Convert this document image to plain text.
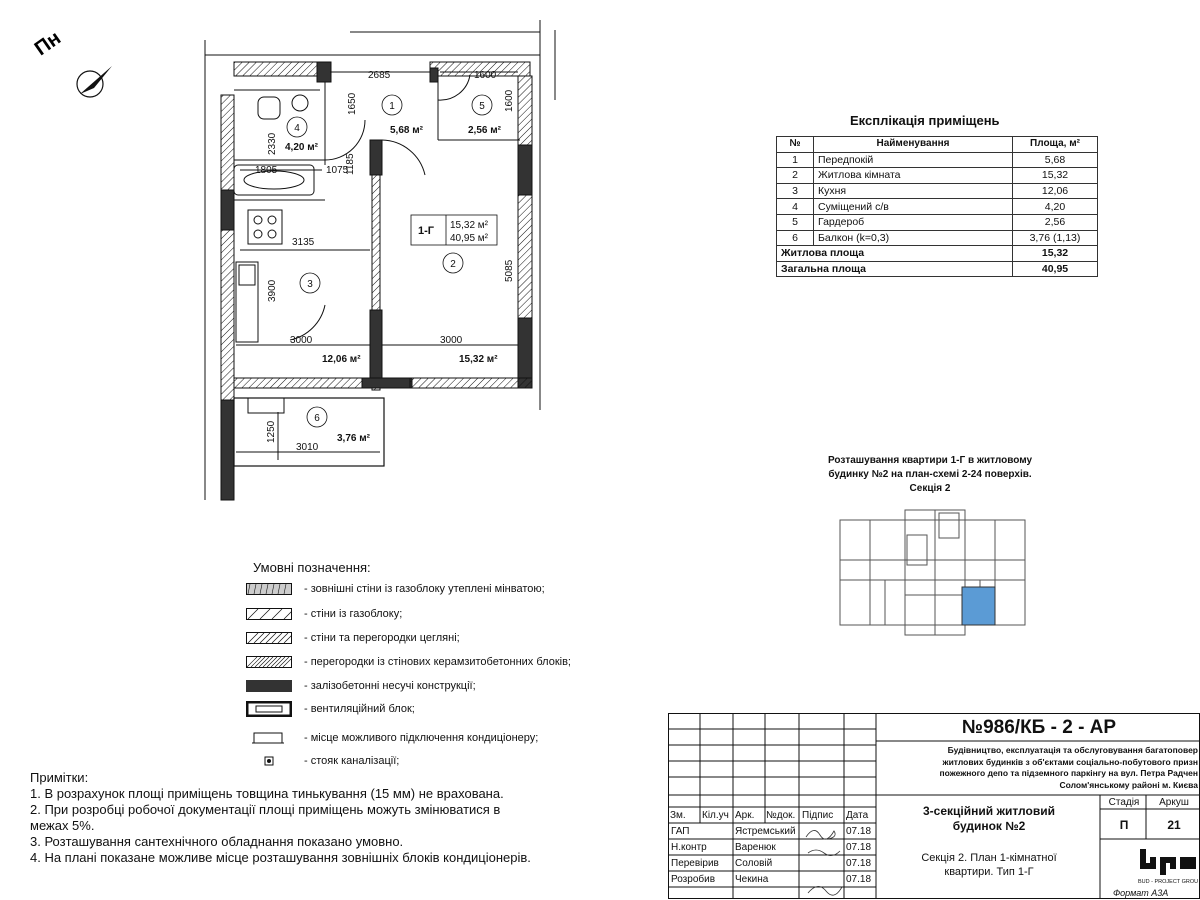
Пн
2685	1600
1650	1600
2330
1185
1805	1075
3135
5085
3900
3000	3000
1250
3010
1
5,68 м²
2
15,32 м²
3
12,06 м²
4
4,20 м²
5
2,56 м²
6
3,76 м²
1-Г 15,32 м²
40,95 м²
Експлікація приміщень
№	Найменування	Площа, м²
1	Передпокій	5,68
2	Житлова кімната	15,32
3	Кухня	12,06
4	Суміщений с/в	4,20
5	Гардероб	2,56
6	Балкон (k=0,3)	3,76 (1,13)
Житлова площа		15,32
Загальна площа		40,95
Розташування квартири 1-Г в житловому
будинку №2 на план-схемі 2-24 поверхів.
Секція 2
Умовні позначення:
- зовнішні стіни із газоблоку утеплені мінватою;
- стіни із газоблоку;
- стіни та перегородки цегляні;
- перегородки із стінових керамзитобетонних блоків;
- залізобетонні несучі конструкції;
- вентиляційний блок;
- місце можливого підключення кондиціонеру;
- стояк каналізації;
Примітки:
1. В розрахунок площі приміщень товщина тинькування (15 мм) не врахована.
2. При розробці робочої документації площі приміщень можуть змінюватися в
межах 5%.
3. Розташування сантехнічного обладнання показано умовно.
4. На плані показане можливе місце розташування зовнішніх блоків кондиціонерів.
№986/КБ - 2 - АР
Будівництво, експлуатація та обслуговування багатоповер
житлових будинків з об'єктами соціально-побутового призн
пожежного депо та підземного паркінгу на вул. Петра Радчен
Солом'янському районі м. Києва
Зм.	Кіл.уч Арк.	№док. Підпис	Дата
ГАП	Ястремський	07.18
Н.контр	Варенюк	07.18
Перевірив	Соловій	07.18
Розробив	Чекина	07.18
3-секційний житловий
будинок №2
Стадія	Аркуш
П	21
Секція 2. План 1-кімнатної
квартири. Тип 1-Г
BUD - PROJECT GROU
Формат А3А
